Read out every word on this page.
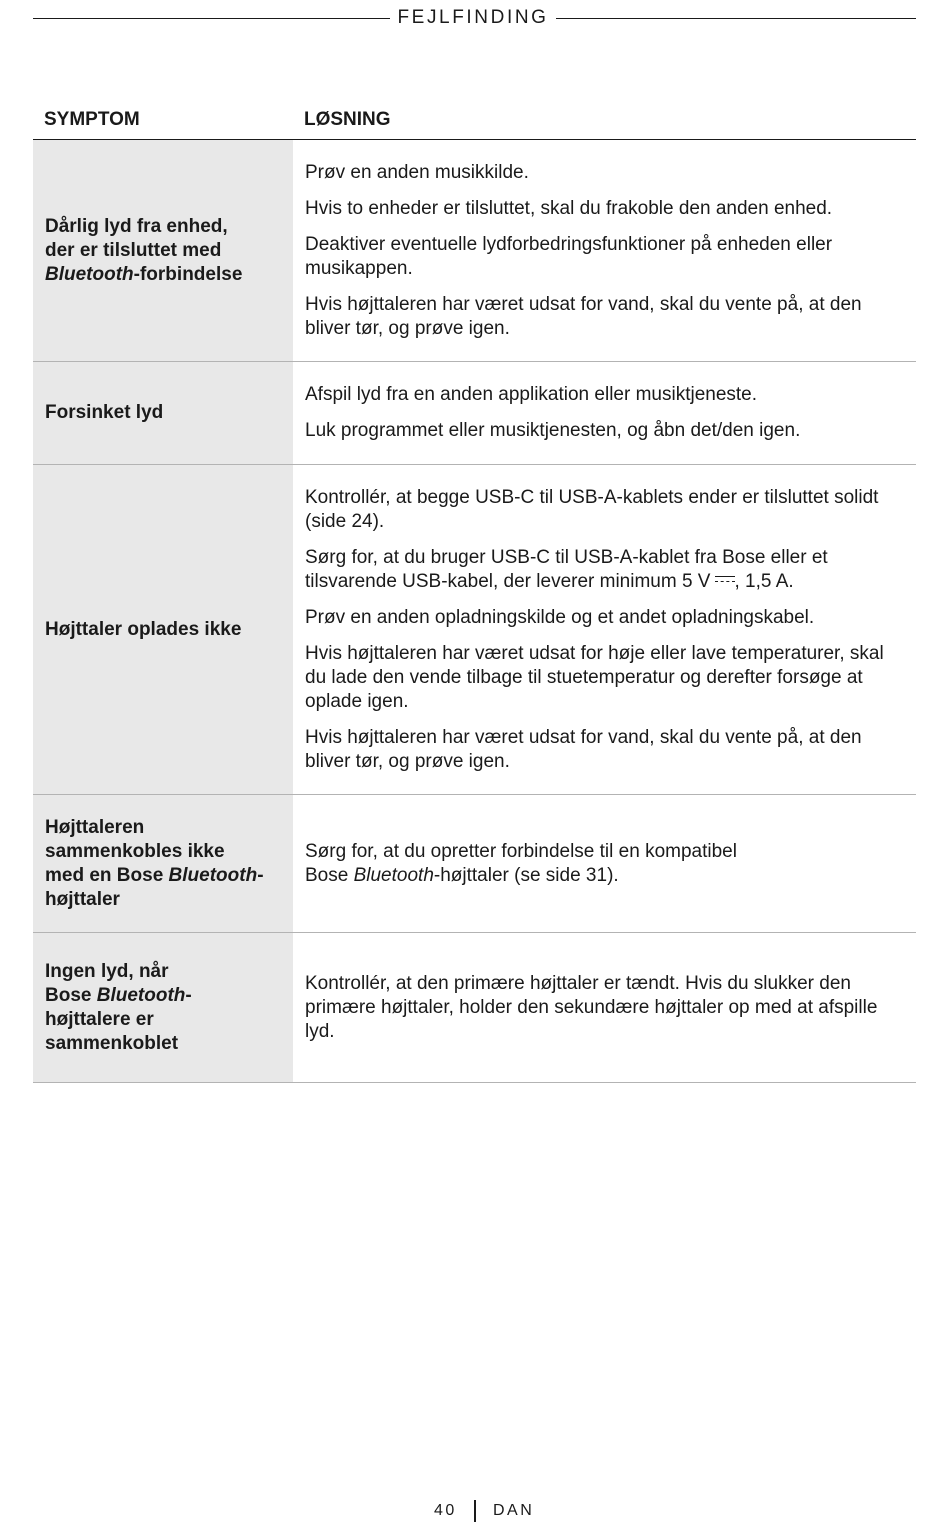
FEJLFINDING
SYMPTOM	LØSNING
Dårlig lyd fra enhed,
der er tilsluttet med
Bluetooth-forbindelse

Prøv en anden musikkilde.

Hvis to enheder er tilsluttet, skal du frakoble den anden enhed.

Deaktiver eventuelle lydforbedringsfunktioner på enheden eller musikappen.

Hvis højttaleren har været udsat for vand, skal du vente på, at den bliver tør, og prøve igen.

Forsinket lyd

Afspil lyd fra en anden applikation eller musiktjeneste.

Luk programmet eller musiktjenesten, og åbn det/den igen.

Højttaler oplades ikke

Kontrollér, at begge USB-C til USB-A-kablets ender er tilsluttet solidt (side 24).

Sørg for, at du bruger USB-C til USB-A-kablet fra Bose eller et tilsvarende USB-kabel, der leverer minimum 5 V , 1,5 A.

Prøv en anden opladningskilde og et andet opladningskabel.

Hvis højttaleren har været udsat for høje eller lave temperaturer, skal du lade den vende tilbage til stuetemperatur og derefter forsøge at oplade igen.

Hvis højttaleren har været udsat for vand, skal du vente på, at den bliver tør, og prøve igen.

Højttaleren
sammenkobles ikke
med en Bose Bluetooth-
højttaler

Sørg for, at du opretter forbindelse til en kompatibel
Bose Bluetooth-højttaler (se side 31).

Ingen lyd, når
Bose Bluetooth-
højttalere er
sammenkoblet

Kontrollér, at den primære højttaler er tændt. Hvis du slukker den primære højttaler, holder den sekundære højttaler op med at afspille lyd.

40 DAN
